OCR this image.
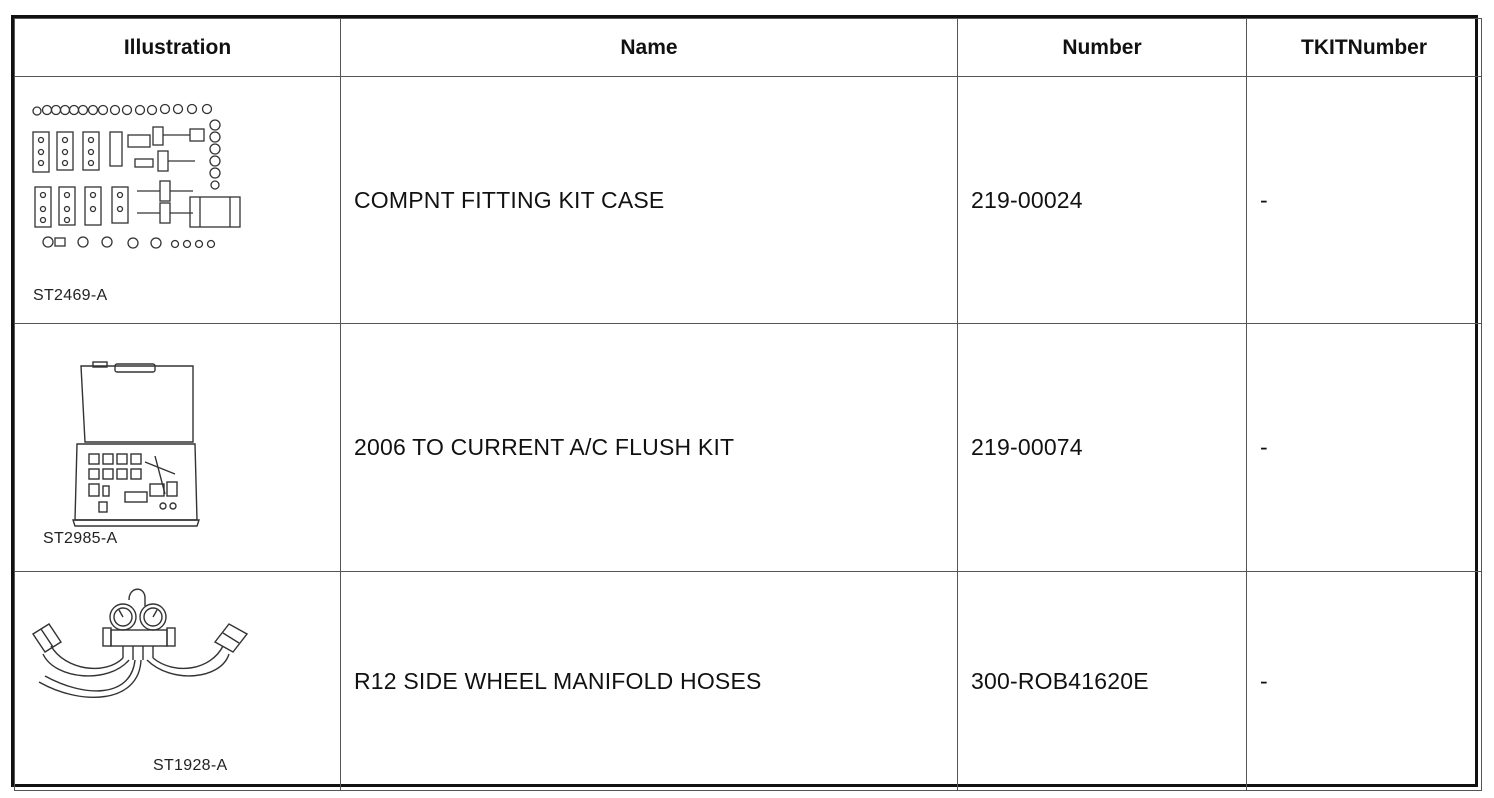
Illustration	Name	Number	TKITNumber

ST2469-A	COMPNT FITTING KIT CASE	219-00024	-

ST2985-A	2006 TO CURRENT A/C FLUSH KIT	219-00074	-

ST1928-A	R12 SIDE WHEEL MANIFOLD HOSES	300-ROB41620E	-
